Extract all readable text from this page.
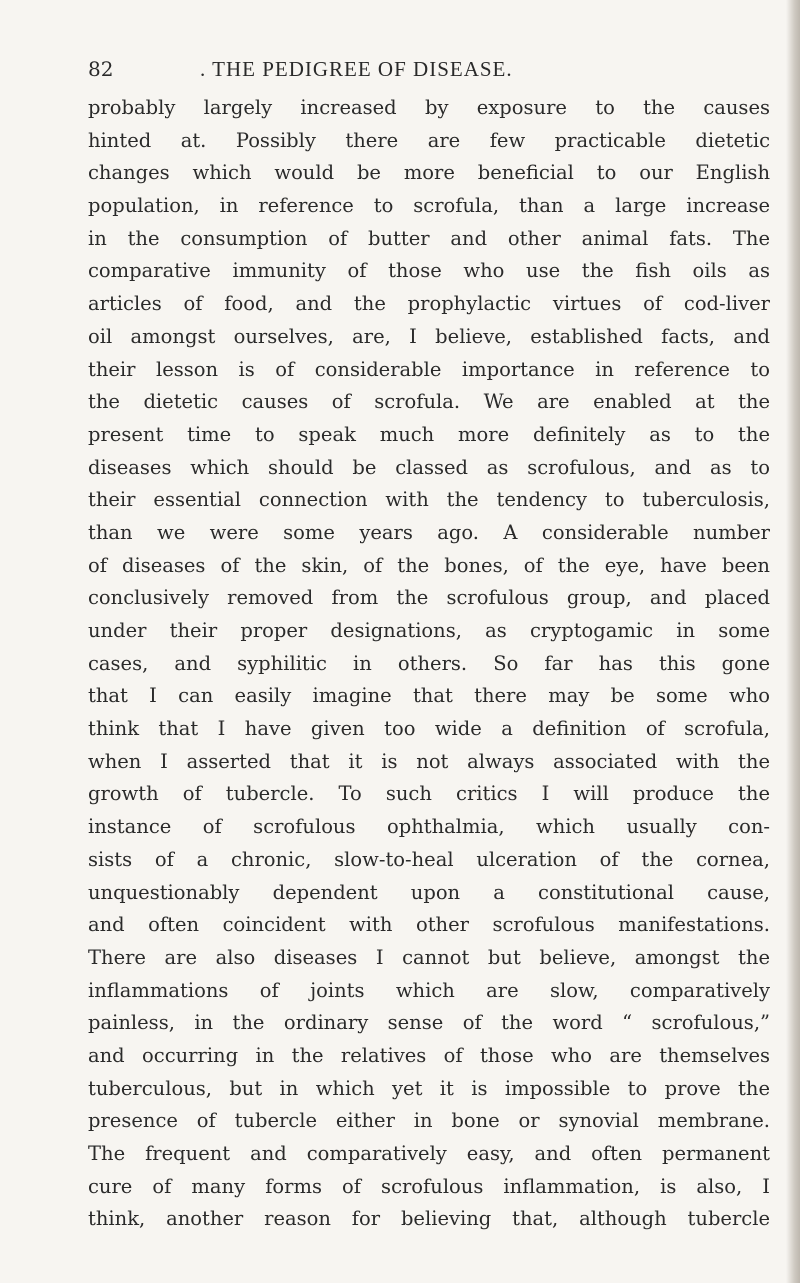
82	. THE PEDIGREE OF DISEASE.
probably largely increased by exposure to the causes
hinted at. Possibly there are few practicable dietetic
changes which would be more beneficial to our English
population, in reference to scrofula, than a large increase
in the consumption of butter and other animal fats. The
comparative immunity of those who use the fish oils as
articles of food, and the prophylactic virtues of cod-liver
oil amongst ourselves, are, I believe, established facts, and
their lesson is of considerable importance in reference to
the dietetic causes of scrofula. We are enabled at the
present time to speak much more definitely as to the
diseases which should be classed as scrofulous, and as to
their essential connection with the tendency to tuberculosis,
than we were some years ago. A considerable number
of diseases of the skin, of the bones, of the eye, have been
conclusively removed from the scrofulous group, and placed
under their proper designations, as cryptogamic in some
cases, and syphilitic in others. So far has this gone
that I can easily imagine that there may be some who
think that I have given too wide a definition of scrofula,
when I asserted that it is not always associated with the
growth of tubercle. To such critics I will produce the
instance of scrofulous ophthalmia, which usually con-
sists of a chronic, slow-to-heal ulceration of the cornea,
unquestionably dependent upon a constitutional cause,
and often coincident with other scrofulous manifestations.
There are also diseases I cannot but believe, amongst the
inflammations of joints which are slow, comparatively
painless, in the ordinary sense of the word “ scrofulous,”
and occurring in the relatives of those who are themselves
tuberculous, but in which yet it is impossible to prove the
presence of tubercle either in bone or synovial membrane.
The frequent and comparatively easy, and often permanent
cure of many forms of scrofulous inflammation, is also, I
think, another reason for believing that, although tubercle
